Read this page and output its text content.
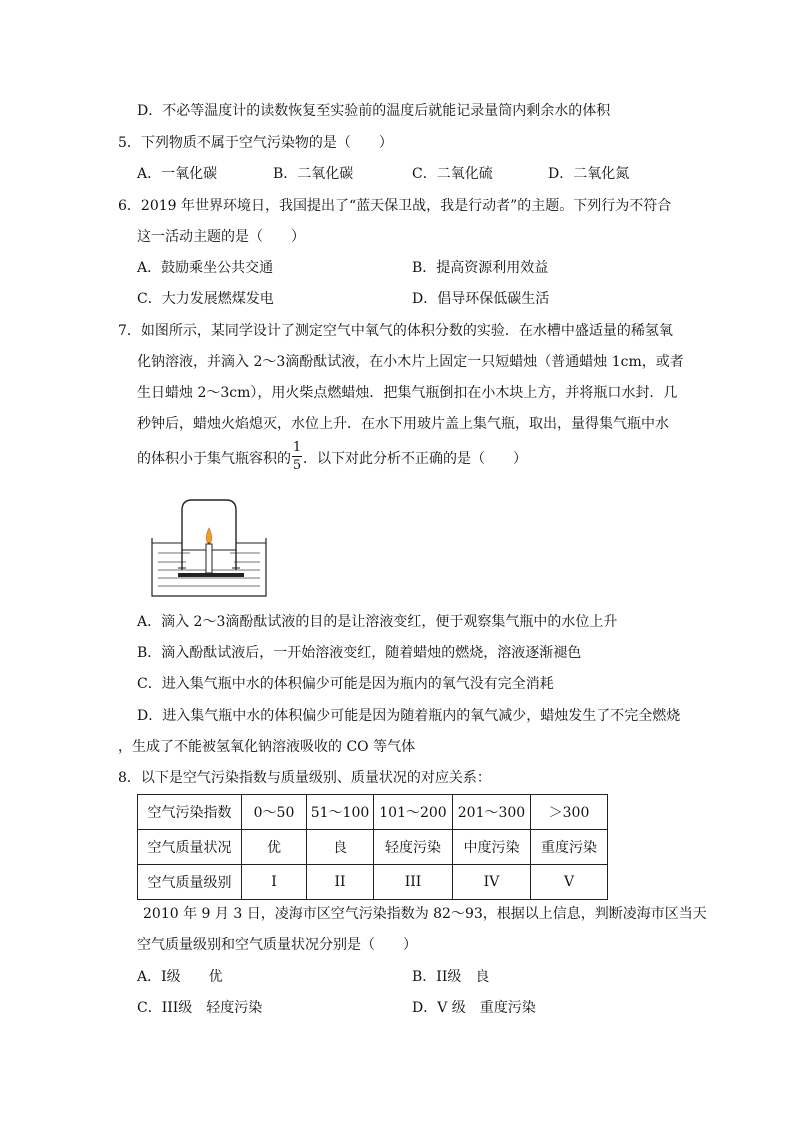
D．不必等温度计的读数恢复至实验前的温度后就能记录量筒内剩余水的体积
5．下列物质不属于空气污染物的是（　　）
A．一氧化碳	B．二氧化碳	C．二氧化硫	D．二氧化氮
6．2019 年世界环境日，我国提出了“蓝天保卫战，我是行动者”的主题。下列行为不符合
这一活动主题的是（　　）
A．鼓励乘坐公共交通	B．提高资源利用效益
C．大力发展燃煤发电	D．倡导环保低碳生活
7．如图所示，某同学设计了测定空气中氧气的体积分数的实验．在水槽中盛适量的稀氢氧
化钠溶液，并滴入 2～3滴酚酞试液，在小木片上固定一只短蜡烛（普通蜡烛 1cm，或者
生日蜡烛 2～3cm），用火柴点燃蜡烛．把集气瓶倒扣在小木块上方，并将瓶口水封．几
秒钟后，蜡烛火焰熄灭，水位上升．在水下用玻片盖上集气瓶，取出，量得集气瓶中水
的体积小于集气瓶容积的
1
5 ．以下对此分析不正确的是（　　）
A．滴入 2～3滴酚酞试液的目的是让溶液变红，便于观察集气瓶中的水位上升
B．滴入酚酞试液后，一开始溶液变红，随着蜡烛的燃烧，溶液逐渐褪色
C．进入集气瓶中水的体积偏少可能是因为瓶内的氧气没有完全消耗
D．进入集气瓶中水的体积偏少可能是因为随着瓶内的氧气减少，蜡烛发生了不完全燃烧
，生成了不能被氢氧化钠溶液吸收的 CO 等气体
8．以下是空气污染指数与质量级别、质量状况的对应关系：
空气污染指数	0～50	51～100	101～200	201～300	＞300
空气质量状况	优	良	轻度污染	中度污染	重度污染
空气质量级别	I	II	III	IV	V
2010 年 9 月 3 日，凌海市区空气污染指数为 82～93，根据以上信息，判断凌海市区当天
空气质量级别和空气质量状况分别是（　　）
A．I级　　优	B．II级　良
C．III级　轻度污染	D．V 级　重度污染
